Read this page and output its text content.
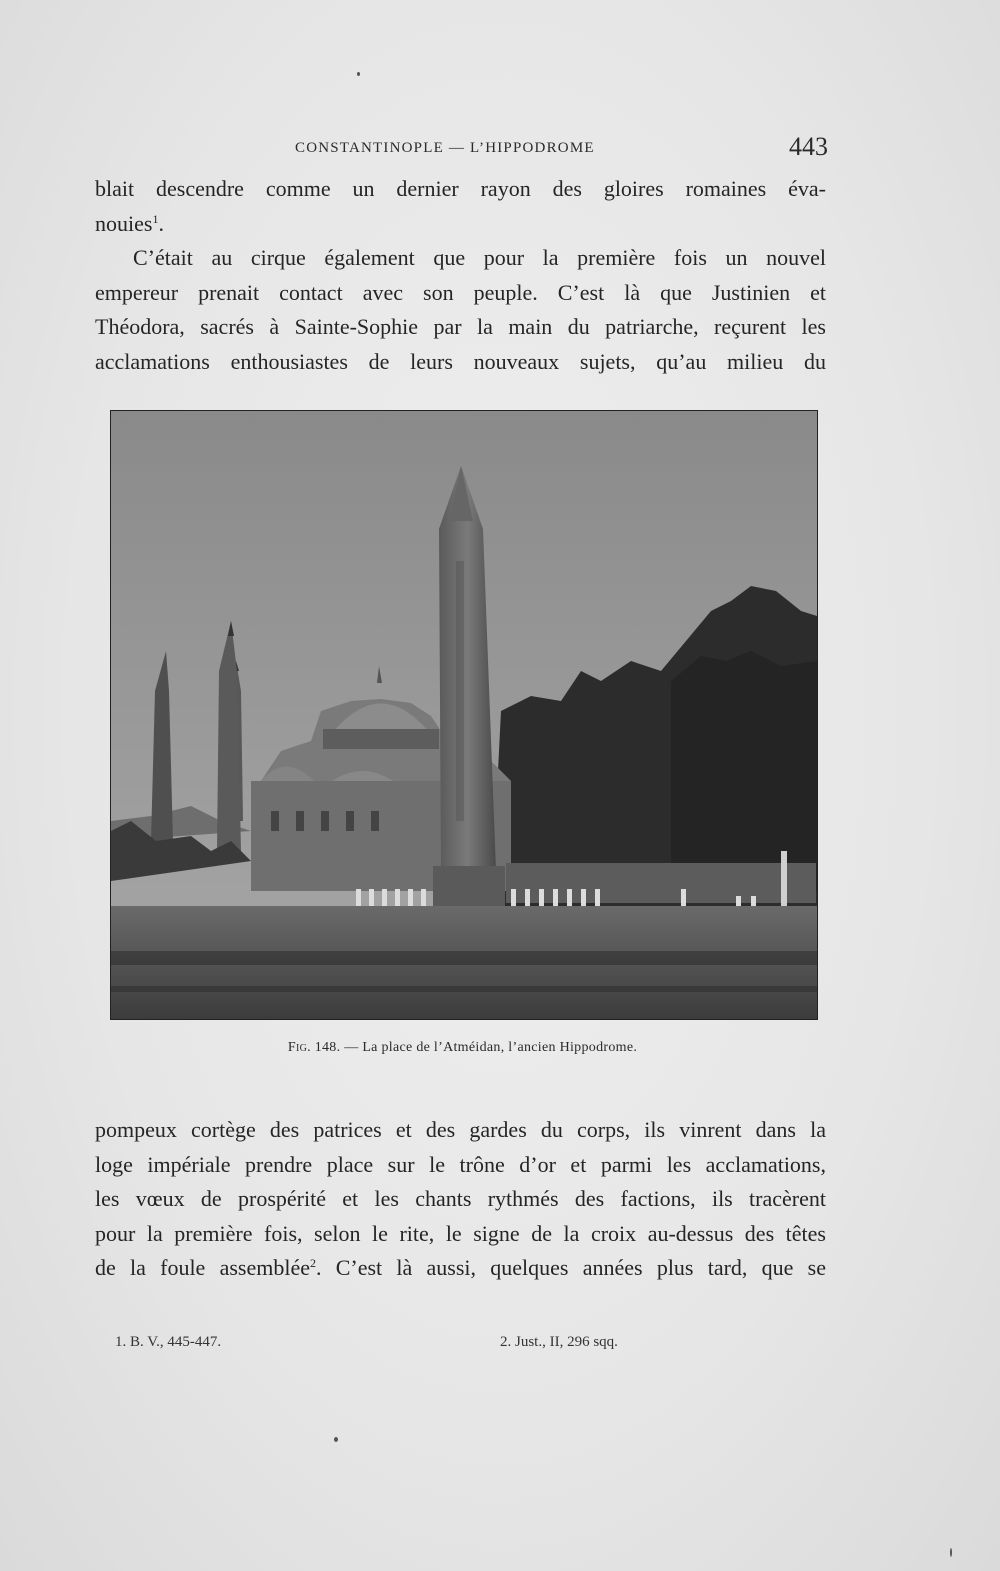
CONSTANTINOPLE — L’HIPPODROME	443
blait descendre comme un dernier rayon des gloires romaines éva-
nouies$^1$.
C’était au cirque également que pour la première fois un nouvel
empereur prenait contact avec son peuple. C’est là que Justinien et
Théodora, sacrés à Sainte-Sophie par la main du patriarche, reçurent les
acclamations enthousiastes de leurs nouveaux sujets, qu’au milieu du
Fig. 148. — La place de l’Atméidan, l’ancien Hippodrome.
pompeux cortège des patrices et des gardes du corps, ils vinrent dans la
loge impériale prendre place sur le trône d’or et parmi les acclamations,
les vœux de prospérité et les chants rythmés des factions, ils tracèrent
pour la première fois, selon le rite, le signe de la croix au-dessus des têtes
de la foule assemblée$^2$. C’est là aussi, quelques années plus tard, que se
1. B. V., 445-447.	2. Just., II, 296 sqq.
